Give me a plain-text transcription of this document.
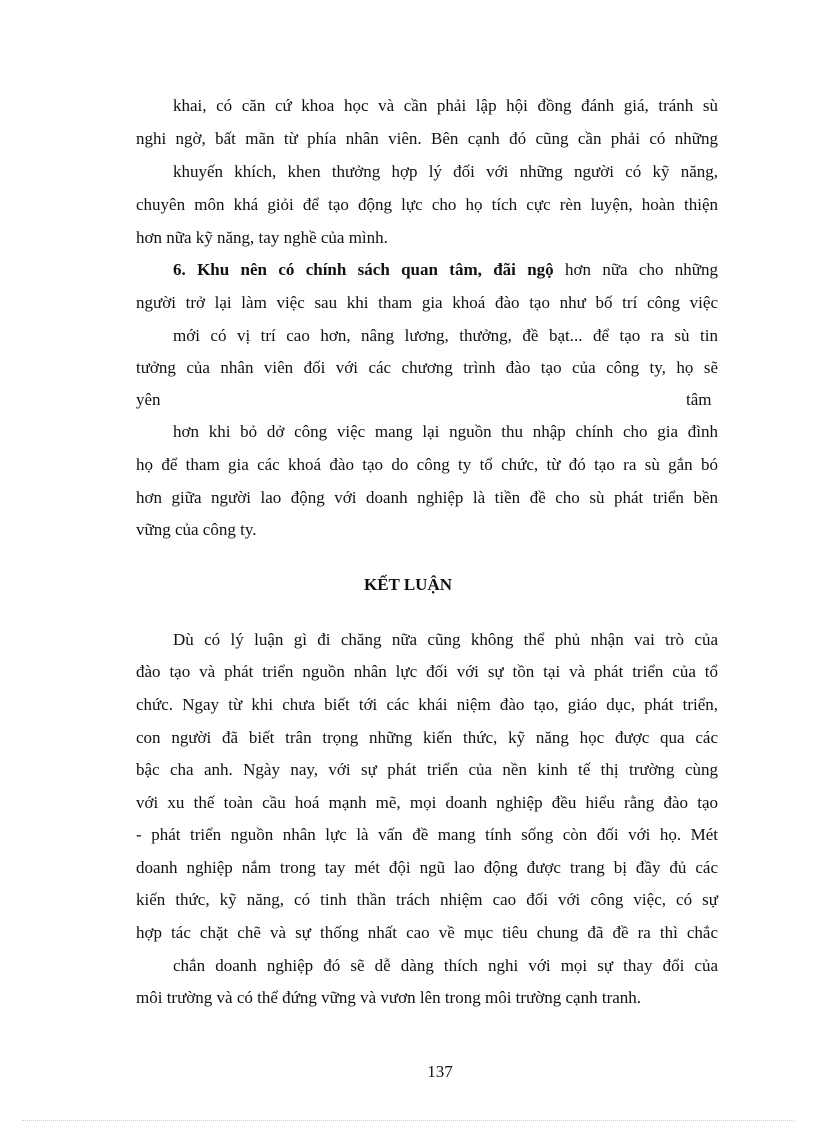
khai, có căn cứ khoa học và cần phải lập hội đồng đánh giá, tránh sù
nghi ngờ, bất mãn từ phía nhân viên. Bên cạnh đó cũng cần phải có những
khuyến khích, khen thưởng hợp lý đối với những người có kỹ năng,
chuyên môn khá giỏi để tạo động lực cho họ tích cực rèn luyện, hoàn thiện
hơn nữa kỹ năng, tay nghề của mình.
6. Khu nên có chính sách quan tâm, đãi ngộ hơn nữa cho những
người trở lại làm việc sau khi tham gia khoá đào tạo như bố trí công việc
mới có vị trí cao hơn, nâng lương, thưởng, đề bạt... để tạo ra sù tin
tưởng của nhân viên đối với các chương trình đào tạo của công ty, họ sẽ
yên	tâm
hơn khi bỏ dở công việc mang lại nguồn thu nhập chính cho gia đình
họ để tham gia các khoá đào tạo do công ty tổ chức, từ đó tạo ra sù gắn bó
hơn giữa người lao động với doanh nghiệp là tiền đề cho sù phát triển bền
vững của công ty.
KẾT LUẬN
Dù có lý luận gì đi chăng nữa cũng không thể phủ nhận vai trò của
đào tạo và phát triển nguồn nhân lực đối với sự tồn tại và phát triển của tổ
chức. Ngay từ khi chưa biết tới các khái niệm đào tạo, giáo dục, phát triển,
con người đã biết trân trọng những kiến thức, kỹ năng học được qua các
bậc cha anh. Ngày nay, với sự phát triển của nền kinh tế thị trường cùng
với xu thế toàn cầu hoá mạnh mẽ, mọi doanh nghiệp đều hiểu rằng đào tạo
- phát triển nguồn nhân lực là vấn đề mang tính sống còn đối với họ. Mét
doanh nghiệp nắm trong tay mét đội ngũ lao động được trang bị đầy đủ các
kiến thức, kỹ năng, có tinh thần trách nhiệm cao đối với công việc, có sự
hợp tác chặt chẽ và sự thống nhất cao về mục tiêu chung đã đề ra thì chắc
chắn doanh nghiệp đó sẽ dễ dàng thích nghi với mọi sự thay đổi của
môi trường và có thể đứng vững và vươn lên trong môi trường cạnh tranh.
137
